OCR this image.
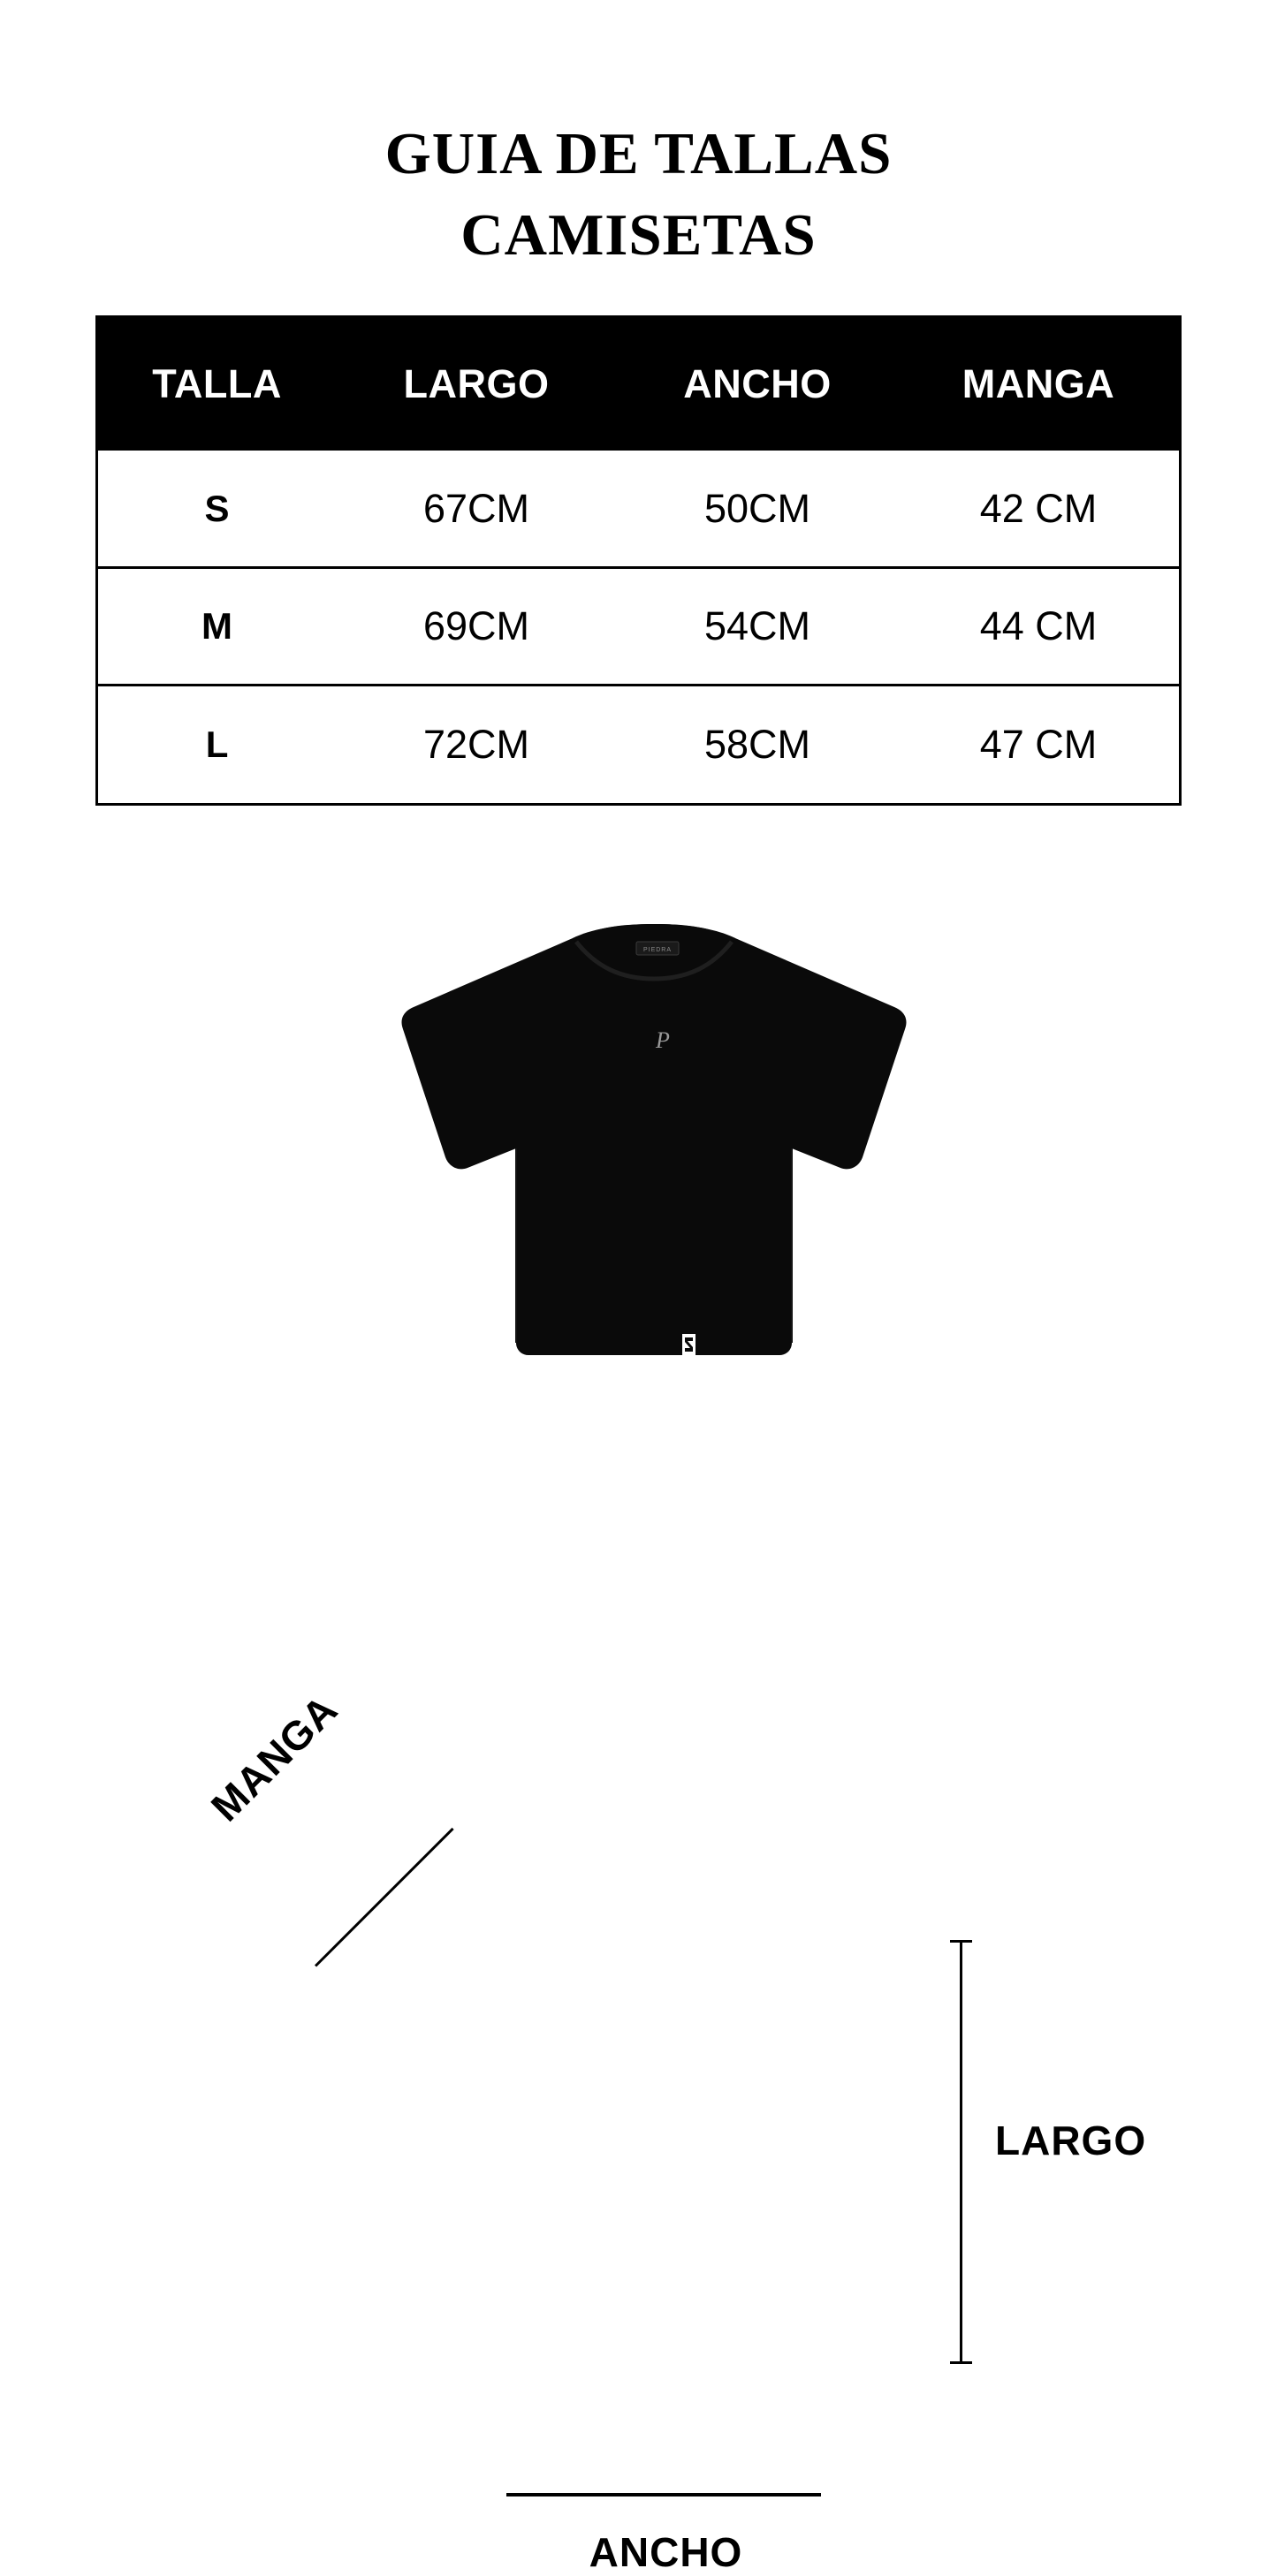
GUIA DE TALLAS
CAMISETAS
TALLA	LARGO	ANCHO	MANGA
S	67CM	50CM	42 CM
M	69CM	54CM	44 CM
L	72CM	58CM	47 CM
PIEDRA
P
MANGA
LARGO
ANCHO
